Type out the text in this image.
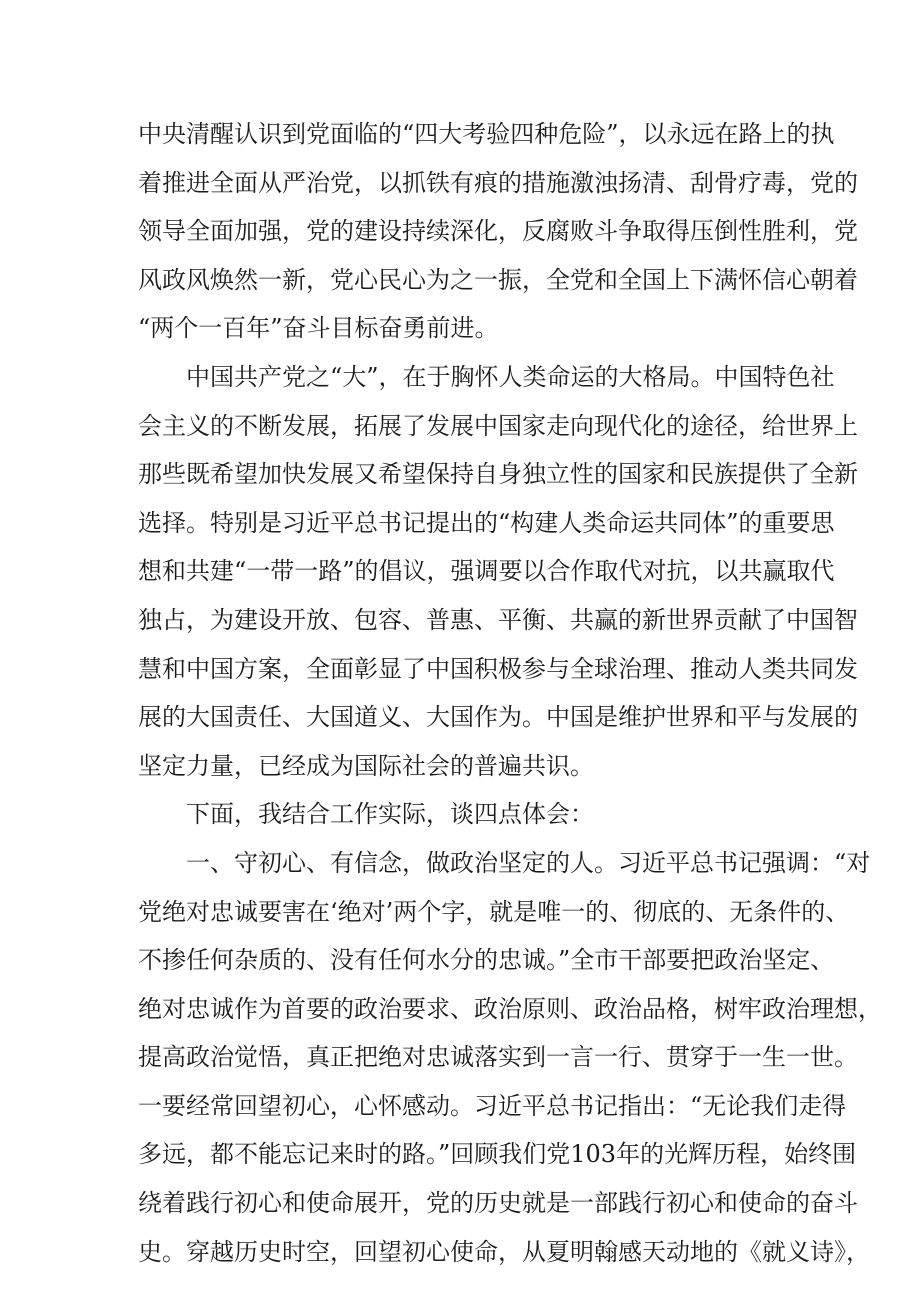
中央清醒认识到党面临的“四大考验四种危险”，以永远在路上的执
着推进全面从严治党，以抓铁有痕的措施激浊扬清、刮骨疗毒，党的
领导全面加强，党的建设持续深化，反腐败斗争取得压倒性胜利，党
风政风焕然一新，党心民心为之一振，全党和全国上下满怀信心朝着
“两个一百年”奋斗目标奋勇前进。
中国共产党之“大”，在于胸怀人类命运的大格局。中国特色社
会主义的不断发展，拓展了发展中国家走向现代化的途径，给世界上
那些既希望加快发展又希望保持自身独立性的国家和民族提供了全新
选择。特别是习近平总书记提出的“构建人类命运共同体”的重要思
想和共建“一带一路”的倡议，强调要以合作取代对抗，以共赢取代
独占，为建设开放、包容、普惠、平衡、共赢的新世界贡献了中国智
慧和中国方案，全面彰显了中国积极参与全球治理、推动人类共同发
展的大国责任、大国道义、大国作为。中国是维护世界和平与发展的
坚定力量，已经成为国际社会的普遍共识。
下面，我结合工作实际，谈四点体会：
一、守初心、有信念，做政治坚定的人。习近平总书记强调：“对
党绝对忠诚要害在‘绝对’两个字，就是唯一的、彻底的、无条件的、
不掺任何杂质的、没有任何水分的忠诚。”全市干部要把政治坚定、
绝对忠诚作为首要的政治要求、政治原则、政治品格，树牢政治理想，
提高政治觉悟，真正把绝对忠诚落实到一言一行、贯穿于一生一世。
一要经常回望初心，心怀感动。习近平总书记指出：“无论我们走得
多远，都不能忘记来时的路。”回顾我们党103年的光辉历程，始终围
绕着践行初心和使命展开，党的历史就是一部践行初心和使命的奋斗
史。穿越历史时空，回望初心使命，从夏明翰感天动地的《就义诗》，
